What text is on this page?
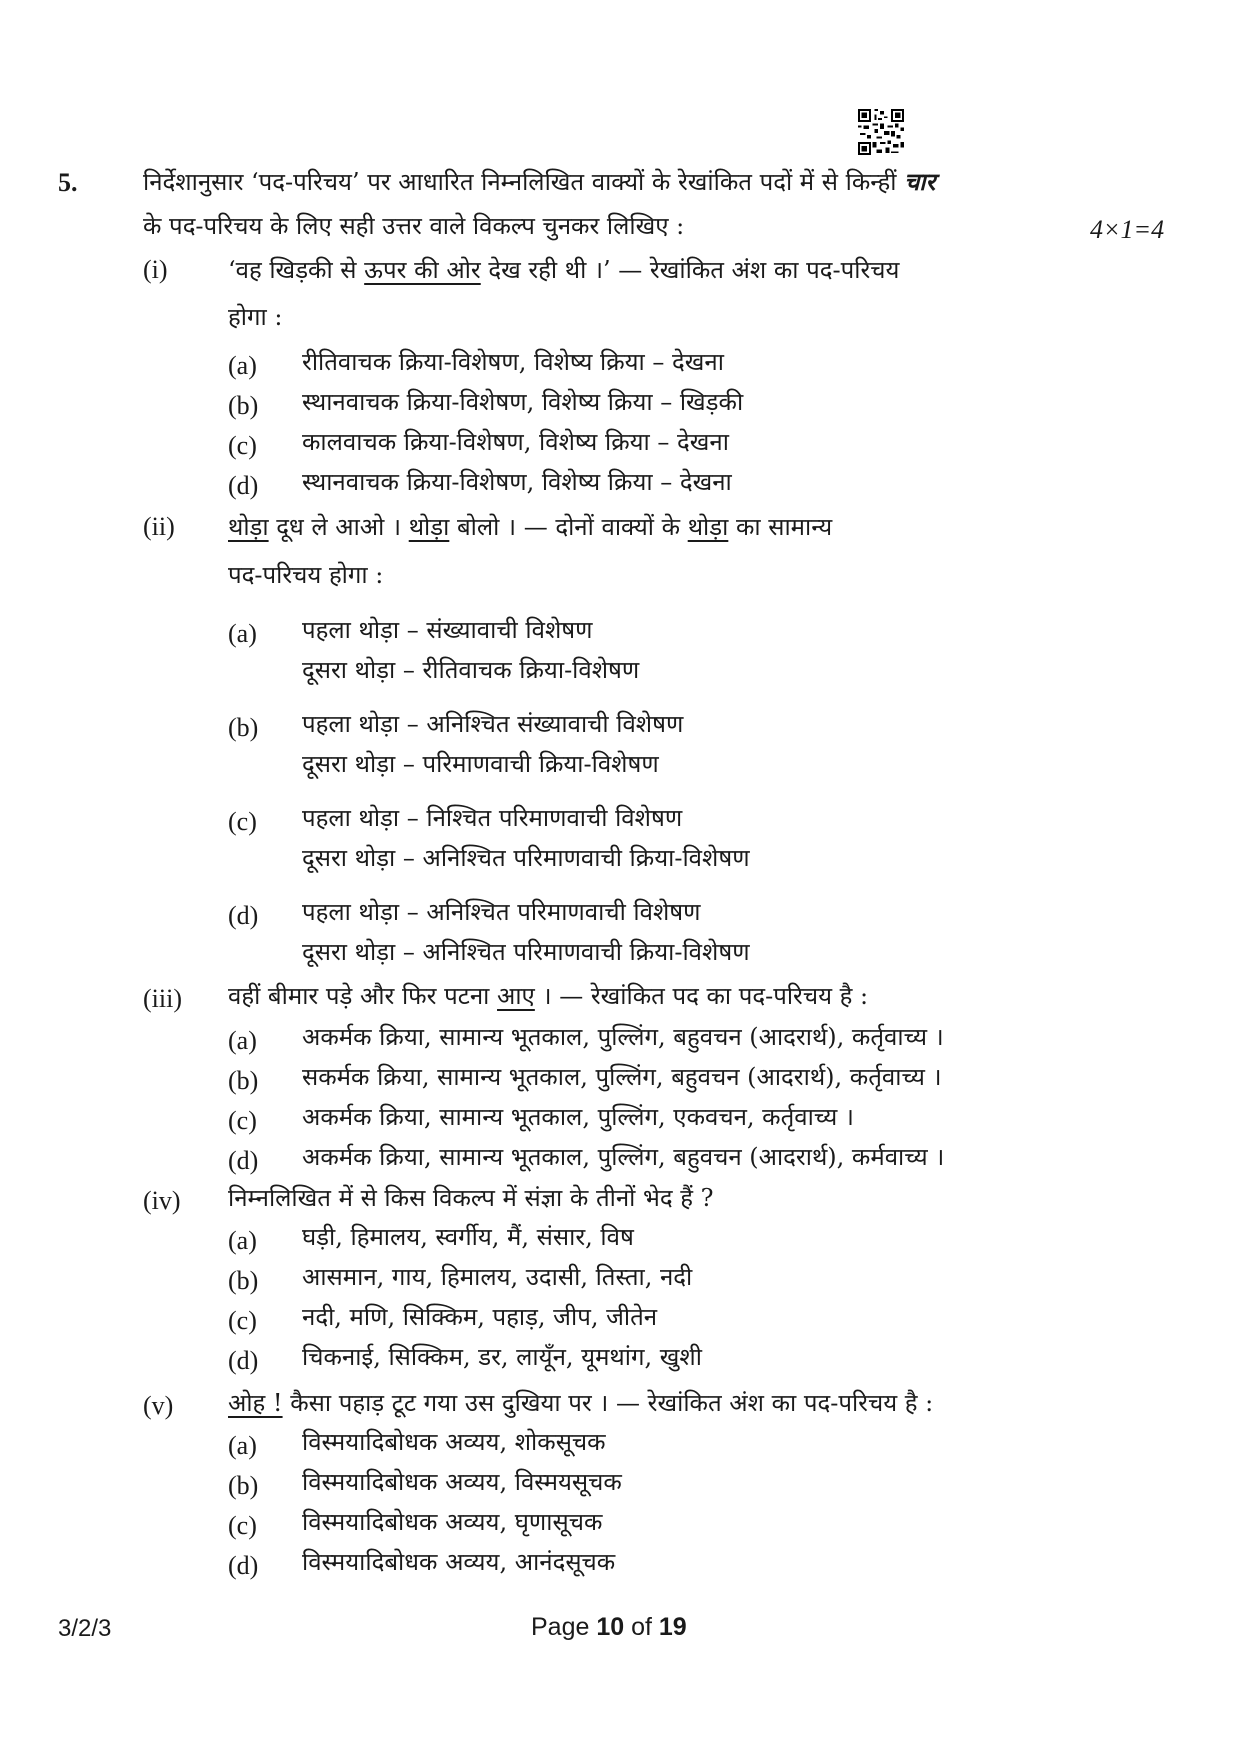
5.	निर्देशानुसार ‘पद-परिचय’ पर आधारित निम्नलिखित वाक्यों के रेखांकित पदों में से किन्हीं चार
के पद-परिचय के लिए सही उत्तर वाले विकल्प चुनकर लिखिए :	4×1=4
(i)	‘वह खिड़की से ऊपर की ओर देख रही थी ।’ — रेखांकित अंश का पद-परिचय
होगा :
(a) रीतिवाचक क्रिया-विशेषण, विशेष्य क्रिया – देखना
(b) स्थानवाचक क्रिया-विशेषण, विशेष्य क्रिया – खिड़की
(c) कालवाचक क्रिया-विशेषण, विशेष्य क्रिया – देखना
(d) स्थानवाचक क्रिया-विशेषण, विशेष्य क्रिया – देखना
(ii) थोड़ा दूध ले आओ । थोड़ा बोलो । — दोनों वाक्यों के थोड़ा का सामान्य
पद-परिचय होगा :
(a) पहला थोड़ा – संख्यावाची विशेषण
दूसरा थोड़ा – रीतिवाचक क्रिया-विशेषण
(b) पहला थोड़ा – अनिश्चित संख्यावाची विशेषण
दूसरा थोड़ा – परिमाणवाची क्रिया-विशेषण
(c) पहला थोड़ा – निश्चित परिमाणवाची विशेषण
दूसरा थोड़ा – अनिश्चित परिमाणवाची क्रिया-विशेषण
(d) पहला थोड़ा – अनिश्चित परिमाणवाची विशेषण
दूसरा थोड़ा – अनिश्चित परिमाणवाची क्रिया-विशेषण
(iii) वहीं बीमार पड़े और फिर पटना आए । — रेखांकित पद का पद-परिचय है :
(a) अकर्मक क्रिया, सामान्य भूतकाल, पुल्लिंग, बहुवचन (आदरार्थ), कर्तृवाच्य ।
(b) सकर्मक क्रिया, सामान्य भूतकाल, पुल्लिंग, बहुवचन (आदरार्थ), कर्तृवाच्य ।
(c) अकर्मक क्रिया, सामान्य भूतकाल, पुल्लिंग, एकवचन, कर्तृवाच्य ।
(d) अकर्मक क्रिया, सामान्य भूतकाल, पुल्लिंग, बहुवचन (आदरार्थ), कर्मवाच्य ।
(iv) निम्नलिखित में से किस विकल्प में संज्ञा के तीनों भेद हैं ?
(a) घड़ी, हिमालय, स्वर्गीय, मैं, संसार, विष
(b) आसमान, गाय, हिमालय, उदासी, तिस्ता, नदी
(c) नदी, मणि, सिक्किम, पहाड़, जीप, जीतेन
(d) चिकनाई, सिक्किम, डर, लायूँन, यूमथांग, खुशी
(v) ओह ! कैसा पहाड़ टूट गया उस दुखिया पर । — रेखांकित अंश का पद-परिचय है :
(a) विस्मयादिबोधक अव्यय, शोकसूचक
(b) विस्मयादिबोधक अव्यय, विस्मयसूचक
(c) विस्मयादिबोधक अव्यय, घृणासूचक
(d) विस्मयादिबोधक अव्यय, आनंदसूचक
3/2/3	Page 10 of 19
